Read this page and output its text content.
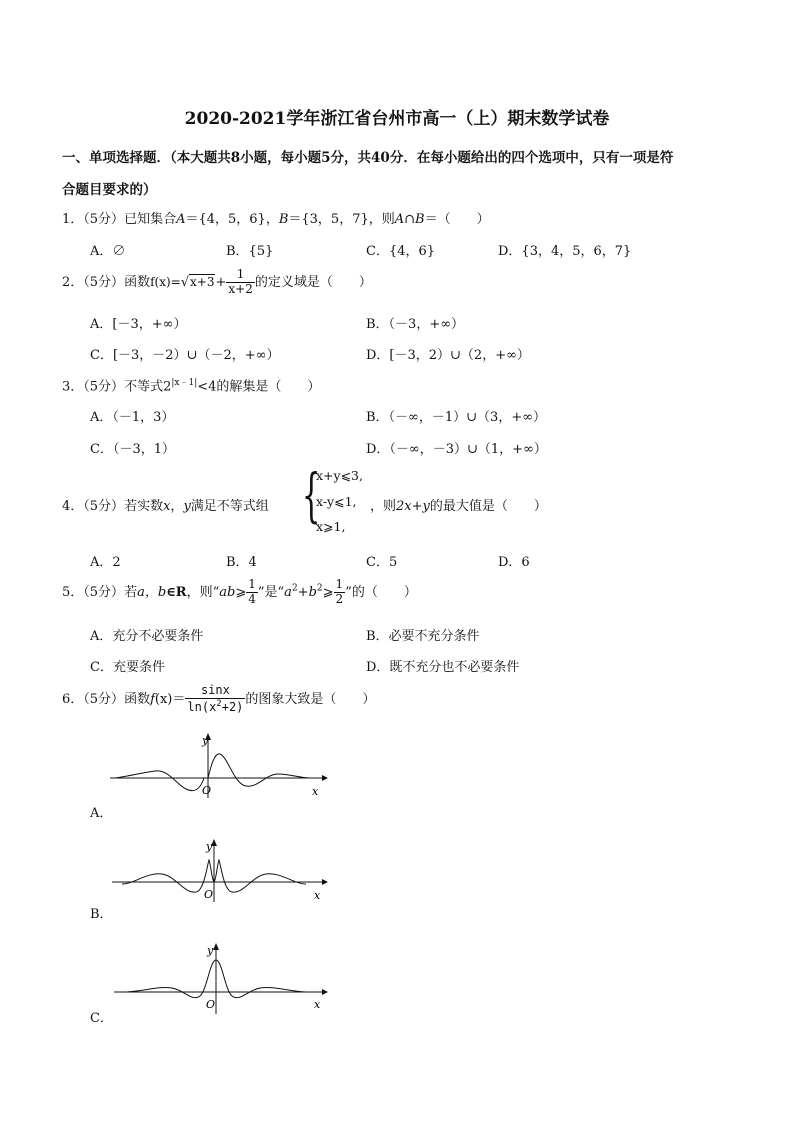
2020-2021学年浙江省台州市高一（上）期末数学试卷
一、单项选择题．（本大题共8小题，每小题5分，共40分．在每小题给出的四个选项中，只有一项是符
合题目要求的）
1．（5分）已知集合A＝{4，5，6}，B＝{3，5，7}，则A∩B＝（　　）
A．∅	B．{5}	C．{4，6}	D．{3，4，5，6，7}
2．（5分）函数$f(x)=√x+3+ \frac{1}{x+2}$ 的定义域是（　　）
A．[－3，+∞）	B．（－3，+∞）
C．[－3，－2）∪（－2，+∞）	D．[－3，2）∪（2，+∞）
3．（5分）不等式$2^{|x﹣1|}<4$的解集是（　　）
A．（－1，3）	B．（－∞，－1）∪（3，+∞）
C．（－3，1）	D．（－∞，－3）∪（1，+∞）
4．（5分）若实数x，y满足不等式组 {
x+y⩽3,
x-y⩽1,
x⩾1,
，则2x+y的最大值是（　　）
A．2	B．4	C．5	D．6
5．（5分）若a，b∈R，则“ab⩾ $\frac{1}{4}$ ”是“$a^2+b^2⩾ \frac{1}{2}$ ”的（　　）
A．充分不必要条件	B．必要不充分条件
C．充要条件	D．既不充分也不必要条件
6．（5分）函数$f(x)= \frac{\sin x}{\ln(x^2+2)}$ 的图象大致是（　　）
y
x
O
A．
y
x
O
B．
y
x
O
C．
